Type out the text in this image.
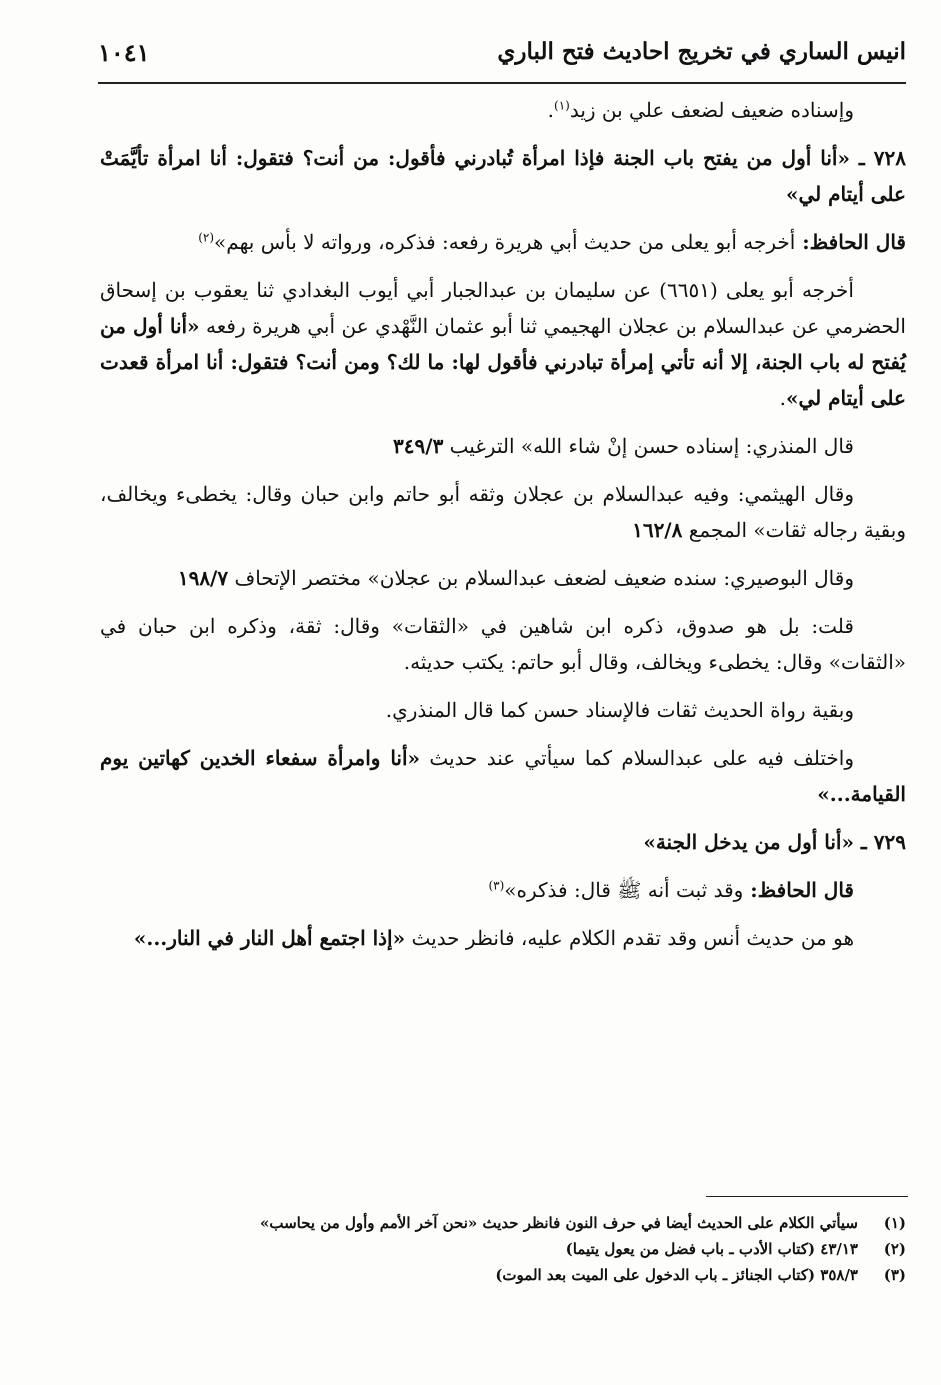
انيس الساري في تخريج احاديث فتح الباري
١٠٤١

وإسناده ضعيف لضعف علي بن زيد$^{(١)}$.

٧٢٨ ـ «أنا أول من يفتح باب الجنة فإذا امرأة تُبادرني فأقول: من أنت؟ فتقول: أنا امرأة تأيَّمَتْ على أيتام لي»

قال الحافظ: أخرجه أبو يعلى من حديث أبي هريرة رفعه: فذكره، ورواته لا بأس بهم»$^{(٢)}$

أخرجه أبو يعلى (٦٦٥١) عن سليمان بن عبدالجبار أبي أيوب البغدادي ثنا يعقوب بن إسحاق الحضرمي عن عبدالسلام بن عجلان الهجيمي ثنا أبو عثمان النَّهْدي عن أبي هريرة رفعه «أنا أول من يُفتح له باب الجنة، إلا أنه تأتي إمرأة تبادرني فأقول لها: ما لك؟ ومن أنت؟ فتقول: أنا امرأة قعدت على أيتام لي».

قال المنذري: إسناده حسن إنْ شاء الله» الترغيب ٣٤٩/٣

وقال الهيثمي: وفيه عبدالسلام بن عجلان وثقه أبو حاتم وابن حبان وقال: يخطىء ويخالف، وبقية رجاله ثقات» المجمع ١٦٢/٨

وقال البوصيري: سنده ضعيف لضعف عبدالسلام بن عجلان» مختصر الإتحاف ١٩٨/٧

قلت: بل هو صدوق، ذكره ابن شاهين في «الثقات» وقال: ثقة، وذكره ابن حبان في «الثقات» وقال: يخطىء ويخالف، وقال أبو حاتم: يكتب حديثه.

وبقية رواة الحديث ثقات فالإسناد حسن كما قال المنذري.

واختلف فيه على عبدالسلام كما سيأتي عند حديث «أنا وامرأة سفعاء الخدين كهاتين يوم القيامة...»

٧٢٩ ـ «أنا أول من يدخل الجنة»

قال الحافظ: وقد ثبت أنه ﷺ قال: فذكره»$^{(٣)}$

هو من حديث أنس وقد تقدم الكلام عليه، فانظر حديث «إذا اجتمع أهل النار في النار...»

(١)سيأتي الكلام على الحديث أيضا في حرف النون فانظر حديث «نحن آخر الأمم وأول من يحاسب»
(٢)٤٣/١٣ (كتاب الأدب ـ باب فضل من يعول يتيما)
(٣)٣٥٨/٣ (كتاب الجنائز ـ باب الدخول على الميت بعد الموت)
